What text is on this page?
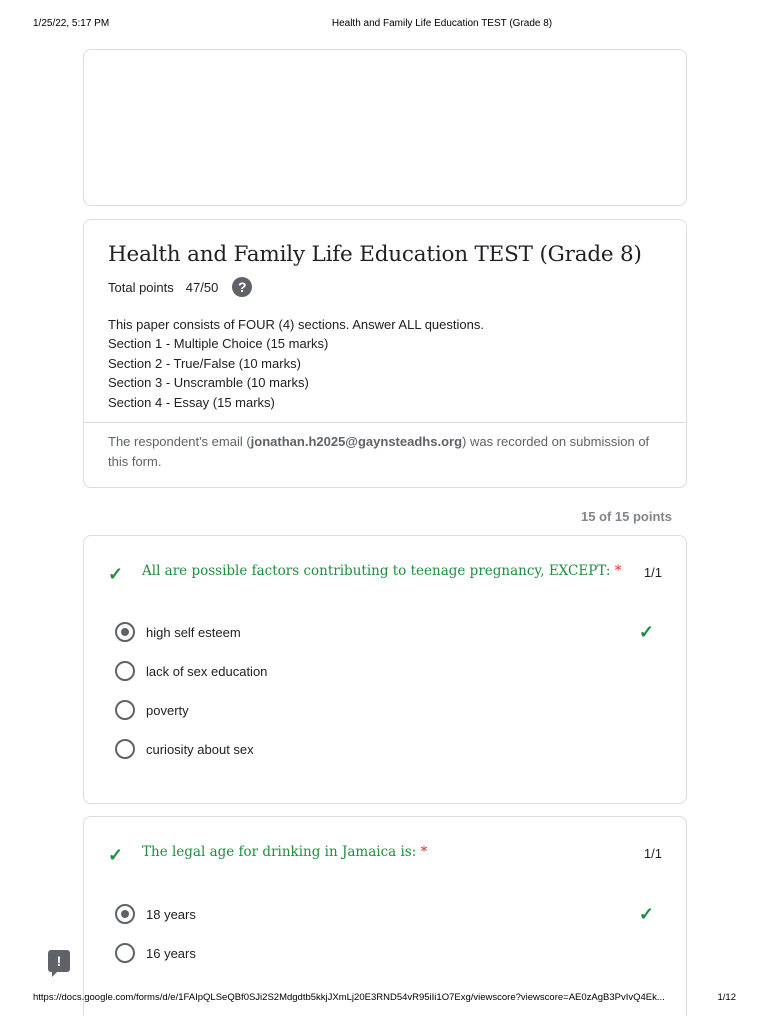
1/25/22, 5:17 PM	Health and Family Life Education TEST (Grade 8)
Health and Family Life Education TEST (Grade 8)
Total points 47/50	?
This paper consists of FOUR (4) sections. Answer ALL questions.
Section 1 - Multiple Choice (15 marks)
Section 2 - True/False (10 marks)
Section 3 - Unscramble (10 marks)
Section 4 - Essay (15 marks)
The respondent's email (jonathan.h2025@gaynsteadhs.org) was recorded on submission of this form.
15 of 15 points
✓ All are possible factors contributing to teenage pregnancy, EXCEPT: * 1/1
high self esteem	✓
lack of sex education
poverty
curiosity about sex
✓ The legal age for drinking in Jamaica is: *	1/1
18 years	✓
16 years
!
https://docs.google.com/forms/d/e/1FAIpQLSeQBf0SJi2S2Mdgdtb5kkjJXmLj20E3RND54vR95iIi1O7Exg/viewscore?viewscore=AE0zAgB3PvIvQ4Ek...	1/12
